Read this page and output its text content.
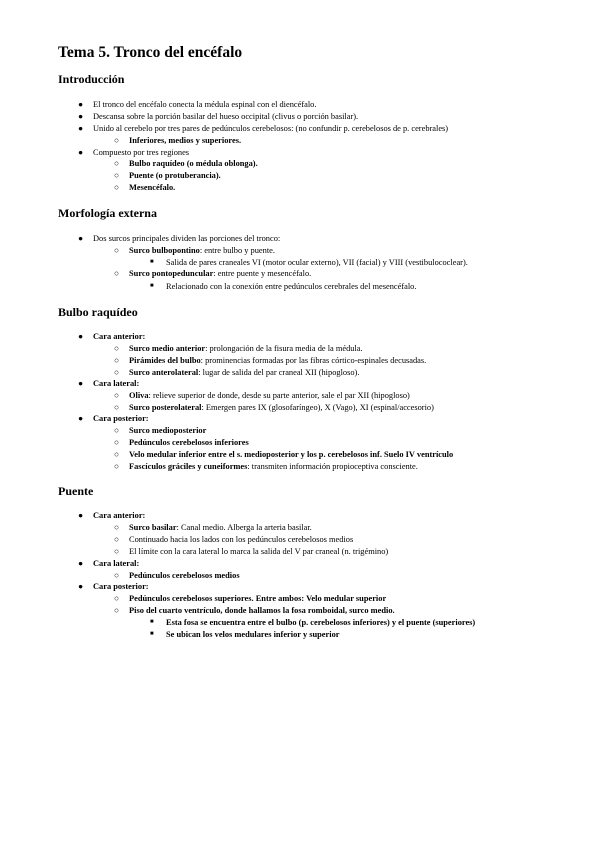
Tema 5. Tronco del encéfalo
Introducción
● El tronco del encéfalo conecta la médula espinal con el diencéfalo.
● Descansa sobre la porción basilar del hueso occipital (clivus o porción basilar).
● Unido al cerebelo por tres pares de pedúnculos cerebelosos: (no confundir p. cerebelosos de p. cerebrales)
○ Inferiores, medios y superiores.
● Compuesto por tres regiones
○ Bulbo raquídeo (o médula oblonga).
○ Puente (o protuberancia).
○ Mesencéfalo.
Morfología externa
● Dos surcos principales dividen las porciones del tronco:
○ Surco bulbopontino: entre bulbo y puente.
■ Salida de pares craneales VI (motor ocular externo), VII (facial) y VIII (vestibulococlear).
○ Surco pontopeduncular: entre puente y mesencéfalo.
■ Relacionado con la conexión entre pedúnculos cerebrales del mesencéfalo.
Bulbo raquídeo
● Cara anterior:
○ Surco medio anterior: prolongación de la fisura media de la médula.
○ Pirámides del bulbo: prominencias formadas por las fibras córtico-espinales decusadas.
○ Surco anterolateral: lugar de salida del par craneal XII (hipogloso).
● Cara lateral:
○ Oliva: relieve superior de donde, desde su parte anterior, sale el par XII (hipogloso)
○ Surco posterolateral: Emergen pares IX (glosofaríngeo), X (Vago), XI (espinal/accesorio)
● Cara posterior:
○ Surco medioposterior
○ Pedúnculos cerebelosos inferiores
○ Velo medular inferior entre el s. medioposterior y los p. cerebelosos inf. Suelo IV ventrículo
○ Fascículos gráciles y cuneiformes: transmiten información propioceptiva consciente.
Puente
● Cara anterior:
○ Surco basilar: Canal medio. Alberga la arteria basilar.
○ Continuado hacia los lados con los pedúnculos cerebelosos medios
○ El límite con la cara lateral lo marca la salida del V par craneal (n. trigémino)
● Cara lateral:
○ Pedúnculos cerebelosos medios
● Cara posterior:
○ Pedúnculos cerebelosos superiores. Entre ambos: Velo medular superior
○ Piso del cuarto ventrículo, donde hallamos la fosa romboidal, surco medio.
■ Esta fosa se encuentra entre el bulbo (p. cerebelosos inferiores) y el puente (superiores)
■ Se ubican los velos medulares inferior y superior
